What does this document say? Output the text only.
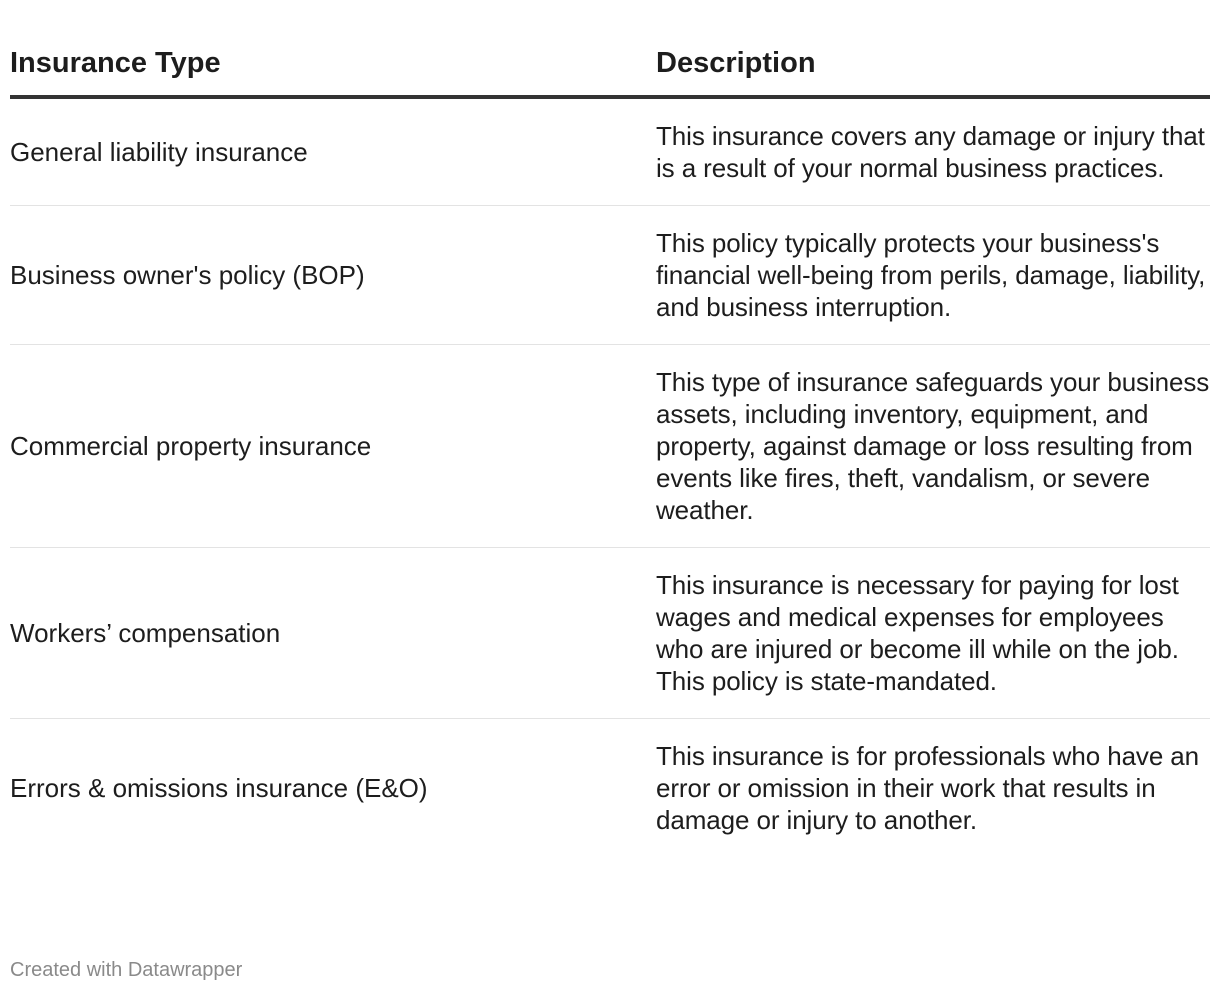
Insurance Type	Description
General liability insurance	This insurance covers any damage or injury that is a result of your normal business practices.
Business owner's policy (BOP)	This policy typically protects your business's financial well-being from perils, damage, liability, and business interruption.
Commercial property insurance	This type of insurance safeguards your business assets, including inventory, equipment, and property, against damage or loss resulting from events like fires, theft, vandalism, or severe weather.
Workers’ compensation	This insurance is necessary for paying for lost wages and medical expenses for employees who are injured or become ill while on the job. This policy is state-mandated.
Errors & omissions insurance (E&O)	This insurance is for professionals who have an error or omission in their work that results in damage or injury to another.
Created with Datawrapper
